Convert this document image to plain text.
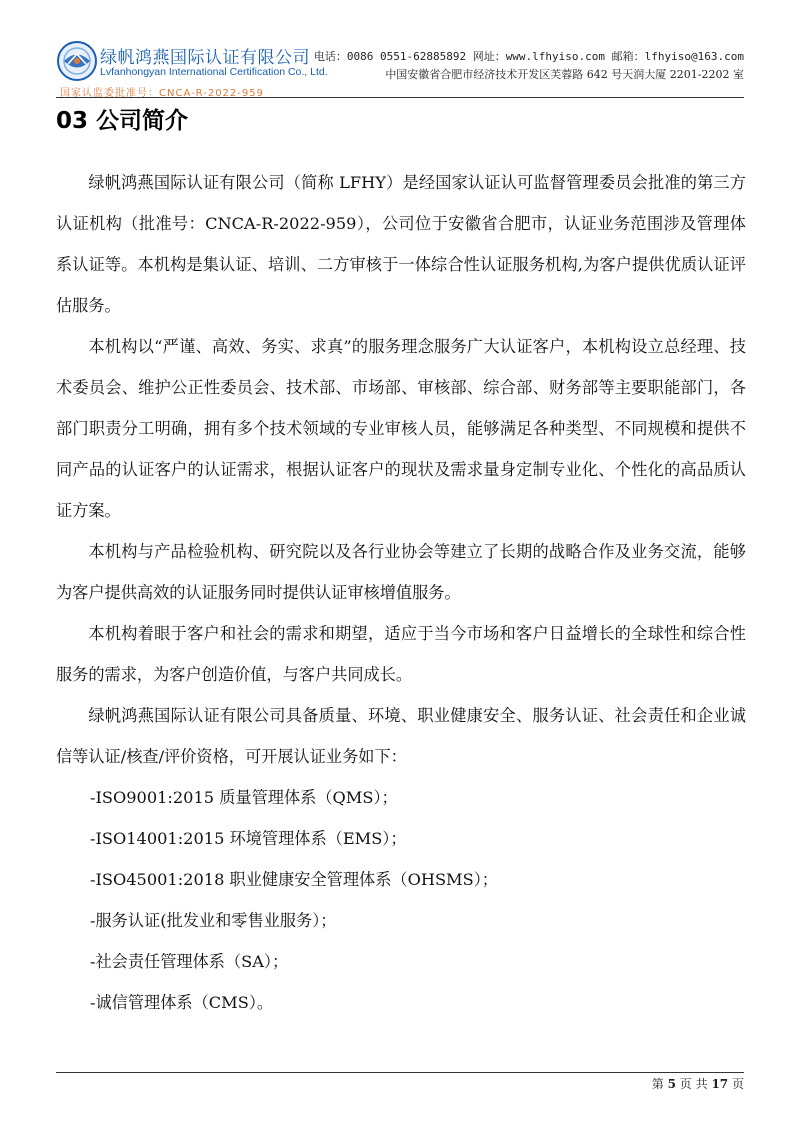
绿帆鸿燕国际认证有限公司
Lvfanhongyan International Certification Co., Ltd.
国家认监委批准号：CNCA-R-2022-959
电话：0086 0551-62885892 网址：www.lfhyiso.com 邮箱：lfhyiso@163.com
中国安徽省合肥市经济技术开发区芙蓉路 642 号天润大厦 2201-2202 室
03 公司简介

绿帆鸿燕国际认证有限公司（简称 LFHY）是经国家认证认可监督管理委员会批准的第三方认证机构（批准号：CNCA-R-2022-959），公司位于安徽省合肥市，认证业务范围涉及管理体系认证等。本机构是集认证、培训、二方审核于一体综合性认证服务机构,为客户提供优质认证评估服务。

本机构以“严谨、高效、务实、求真”的服务理念服务广大认证客户，本机构设立总经理、技术委员会、维护公正性委员会、技术部、市场部、审核部、综合部、财务部等主要职能部门，各部门职责分工明确，拥有多个技术领域的专业审核人员，能够满足各种类型、不同规模和提供不同产品的认证客户的认证需求，根据认证客户的现状及需求量身定制专业化、个性化的高品质认证方案。

本机构与产品检验机构、研究院以及各行业协会等建立了长期的战略合作及业务交流，能够为客户提供高效的认证服务同时提供认证审核增值服务。

本机构着眼于客户和社会的需求和期望，适应于当今市场和客户日益增长的全球性和综合性服务的需求，为客户创造价值，与客户共同成长。

绿帆鸿燕国际认证有限公司具备质量、环境、职业健康安全、服务认证、社会责任和企业诚信等认证/核查/评价资格，可开展认证业务如下：

-ISO9001:2015 质量管理体系（QMS）；

-ISO14001:2015 环境管理体系（EMS）；

-ISO45001:2018 职业健康安全管理体系（OHSMS）；

-服务认证(批发业和零售业服务）；

-社会责任管理体系（SA）；

-诚信管理体系（CMS）。

第 5 页 共 17 页
